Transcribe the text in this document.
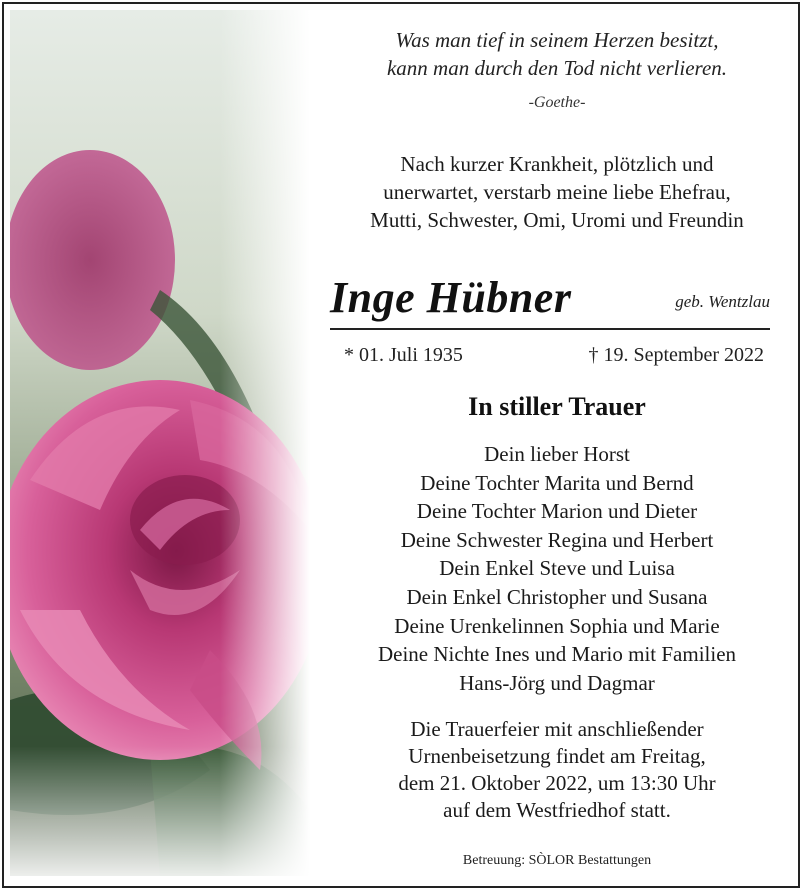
Was man tief in seinem Herzen besitzt,
kann man durch den Tod nicht verlieren.
-Goethe-
Nach kurzer Krankheit, plötzlich und
unerwartet, verstarb meine liebe Ehefrau,
Mutti, Schwester, Omi, Uromi und Freundin
Inge Hübner	geb. Wentzlau
* 01. Juli 1935	† 19. September 2022
In stiller Trauer
Dein lieber Horst
Deine Tochter Marita und Bernd
Deine Tochter Marion und Dieter
Deine Schwester Regina und Herbert
Dein Enkel Steve und Luisa
Dein Enkel Christopher und Susana
Deine Urenkelinnen Sophia und Marie
Deine Nichte Ines und Mario mit Familien
Hans-Jörg und Dagmar
Die Trauerfeier mit anschließender
Urnenbeisetzung findet am Freitag,
dem 21. Oktober 2022, um 13:30 Uhr
auf dem Westfriedhof statt.
Betreuung: SÒLOR Bestattungen
